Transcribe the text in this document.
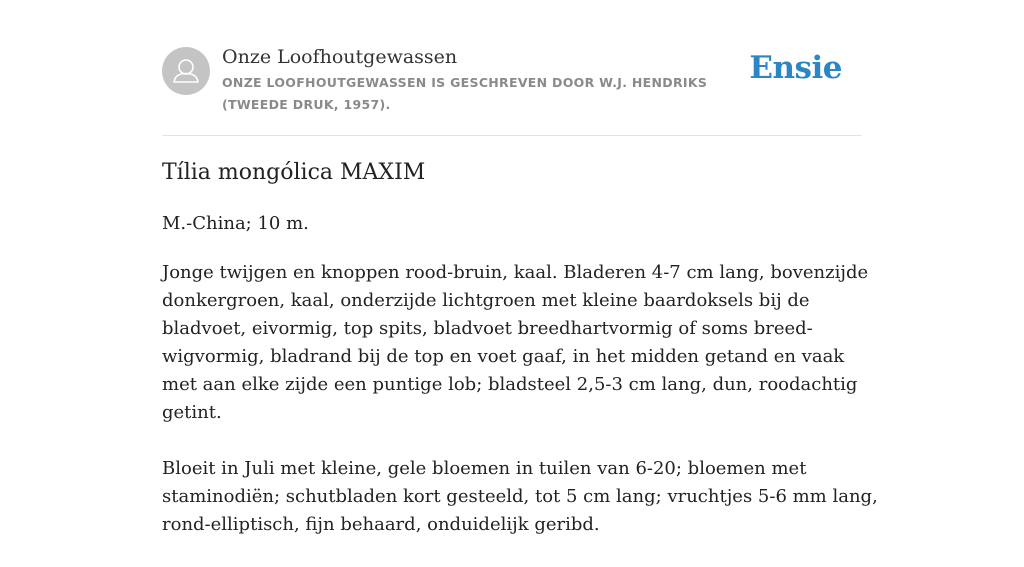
Onze Loofhoutgewassen
ONZE LOOFHOUTGEWASSEN IS GESCHREVEN DOOR W.J. HENDRIKS (TWEEDE DRUK, 1957).
Ensie
Tília mongólica MAXIM

M.-China; 10 m.

Jonge twijgen en knoppen rood-bruin, kaal. Bladeren 4-7 cm lang, bovenzijde donkergroen, kaal, onderzijde lichtgroen met kleine baardoksels bij de bladvoet, eivormig, top spits, bladvoet breedhartvormig of soms breed-wigvormig, bladrand bij de top en voet gaaf, in het midden getand en vaak met aan elke zijde een puntige lob; bladsteel 2,5-3 cm lang, dun, roodachtig getint.

Bloeit in Juli met kleine, gele bloemen in tuilen van 6-20; bloemen met staminodiën; schutbladen kort gesteeld, tot 5 cm lang; vruchtjes 5-6 mm lang, rond-elliptisch, fijn behaard, onduidelijk geribd.
